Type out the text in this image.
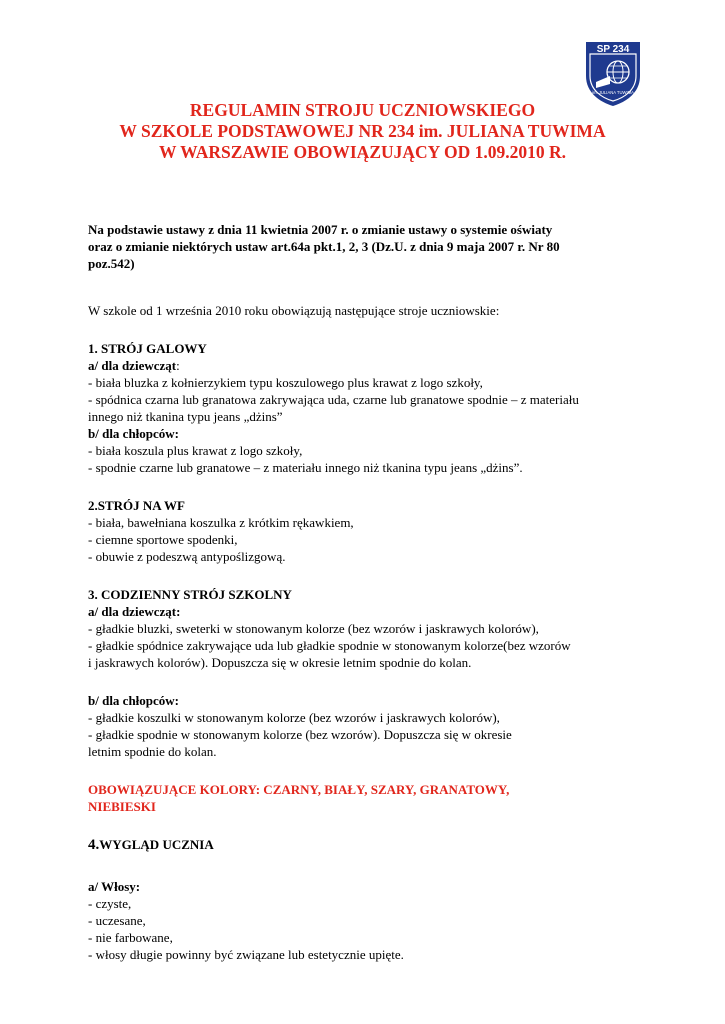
SP 234
im. JULIANA TUWIMA
REGULAMIN STROJU UCZNIOWSKIEGO
W SZKOLE PODSTAWOWEJ NR 234 im. JULIANA TUWIMA
W WARSZAWIE OBOWIĄZUJĄCY OD 1.09.2010 R.

Na podstawie ustawy z dnia 11 kwietnia 2007 r. o zmianie ustawy o systemie oświaty

oraz o zmianie niektórych ustaw art.64a pkt.1, 2, 3 (Dz.U. z dnia 9 maja 2007 r. Nr 80

poz.542)

W szkole od 1 września 2010 roku obowiązują następujące stroje uczniowskie:

1. STRÓJ GALOWY

a/ dla dziewcząt:

- biała bluzka z kołnierzykiem typu koszulowego plus krawat z logo szkoły,

- spódnica czarna lub granatowa zakrywająca uda, czarne lub granatowe spodnie – z materiału

innego niż tkanina typu jeans „dżins”

b/ dla chłopców:

- biała koszula plus krawat z logo szkoły,

- spodnie czarne lub granatowe – z materiału innego niż tkanina typu jeans „dżins”.

2.STRÓJ NA WF

- biała, bawełniana koszulka z krótkim rękawkiem,

- ciemne sportowe spodenki,

- obuwie z podeszwą antypoślizgową.

3. CODZIENNY STRÓJ SZKOLNY

a/ dla dziewcząt:

- gładkie bluzki, sweterki w stonowanym kolorze (bez wzorów i jaskrawych kolorów),

- gładkie spódnice zakrywające uda lub gładkie spodnie w stonowanym kolorze(bez wzorów

i jaskrawych kolorów). Dopuszcza się w okresie letnim spodnie do kolan.

b/ dla chłopców:

- gładkie koszulki w stonowanym kolorze (bez wzorów i jaskrawych kolorów),

- gładkie spodnie w stonowanym kolorze (bez wzorów). Dopuszcza się w okresie

letnim spodnie do kolan.

OBOWIĄZUJĄCE KOLORY: CZARNY, BIAŁY, SZARY, GRANATOWY,

NIEBIESKI

4.WYGLĄD UCZNIA

a/ Włosy:

- czyste,

- uczesane,

- nie farbowane,

- włosy długie powinny być związane lub estetycznie upięte.
